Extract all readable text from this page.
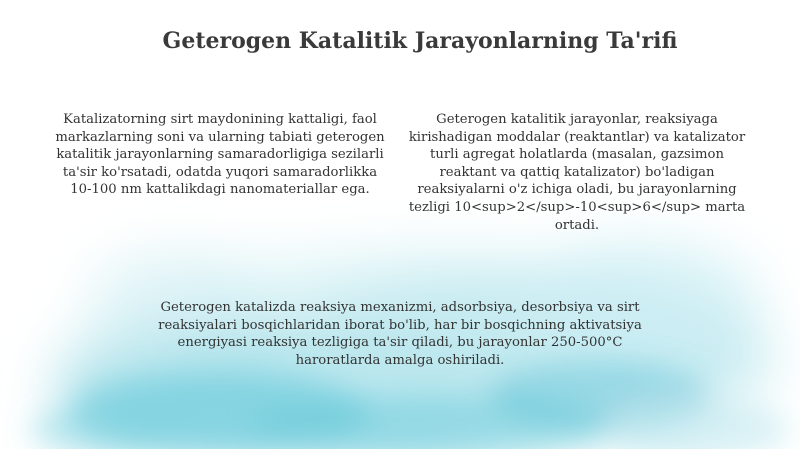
Geterogen Katalitik Jarayonlarning Ta'rifi

Katalizatorning sirt maydonining kattaligi, faol markazlarning soni va ularning tabiati geterogen katalitik jarayonlarning samaradorligiga sezilarli ta'sir ko'rsatadi, odatda yuqori samaradorlikka 10-100 nm kattalikdagi nanomateriallar ega.

Geterogen katalitik jarayonlar, reaksiyaga kirishadigan moddalar (reaktantlar) va katalizator turli agregat holatlarda (masalan, gazsimon reaktant va qattiq katalizator) bo'ladigan reaksiyalarni o'z ichiga oladi, bu jarayonlarning tezligi 10<sup>2</sup>-10<sup>6</sup> marta ortadi.

Geterogen katalizda reaksiya mexanizmi, adsorbsiya, desorbsiya va sirt reaksiyalari bosqichlaridan iborat bo'lib, har bir bosqichning aktivatsiya energiyasi reaksiya tezligiga ta'sir qiladi, bu jarayonlar 250-500°C haroratlarda amalga oshiriladi.
